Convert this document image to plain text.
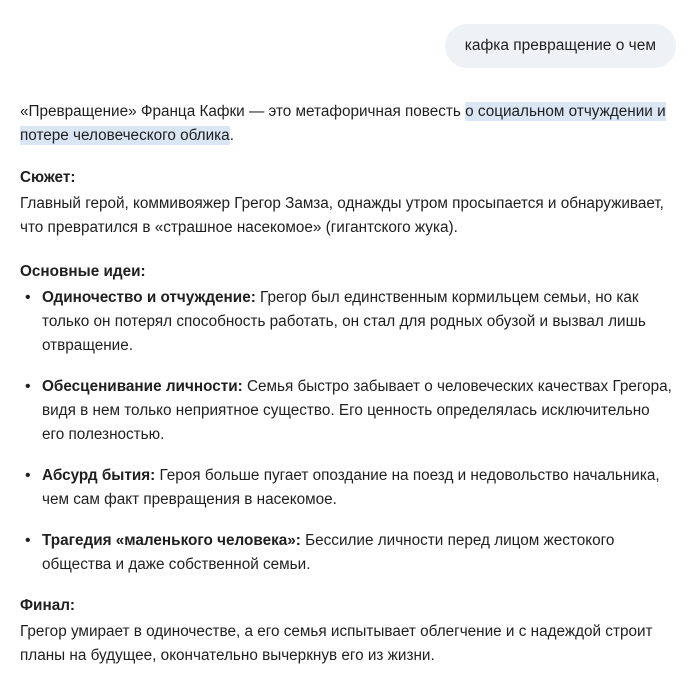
кафка превращение о чем

«Превращение» Франца Кафки — это метафоричная повесть о социальном отчуждении и потере человеческого облика.

Сюжет:

Главный герой, коммивояжер Грегор Замза, однажды утром просыпается и обнаруживает, что превратился в «страшное насекомое» (гигантского жука).

Основные идеи:

• Одиночество и отчуждение: Грегор был единственным кормильцем семьи, но как только он потерял способность работать, он стал для родных обузой и вызвал лишь отвращение.
• Обесценивание личности: Семья быстро забывает о человеческих качествах Грегора, видя в нем только неприятное существо. Его ценность определялась исключительно его полезностью.
• Абсурд бытия: Героя больше пугает опоздание на поезд и недовольство начальника, чем сам факт превращения в насекомое.
• Трагедия «маленького человека»: Бессилие личности перед лицом жестокого общества и даже собственной семьи.

Финал:

Грегор умирает в одиночестве, а его семья испытывает облегчение и с надеждой строит планы на будущее, окончательно вычеркнув его из жизни.
